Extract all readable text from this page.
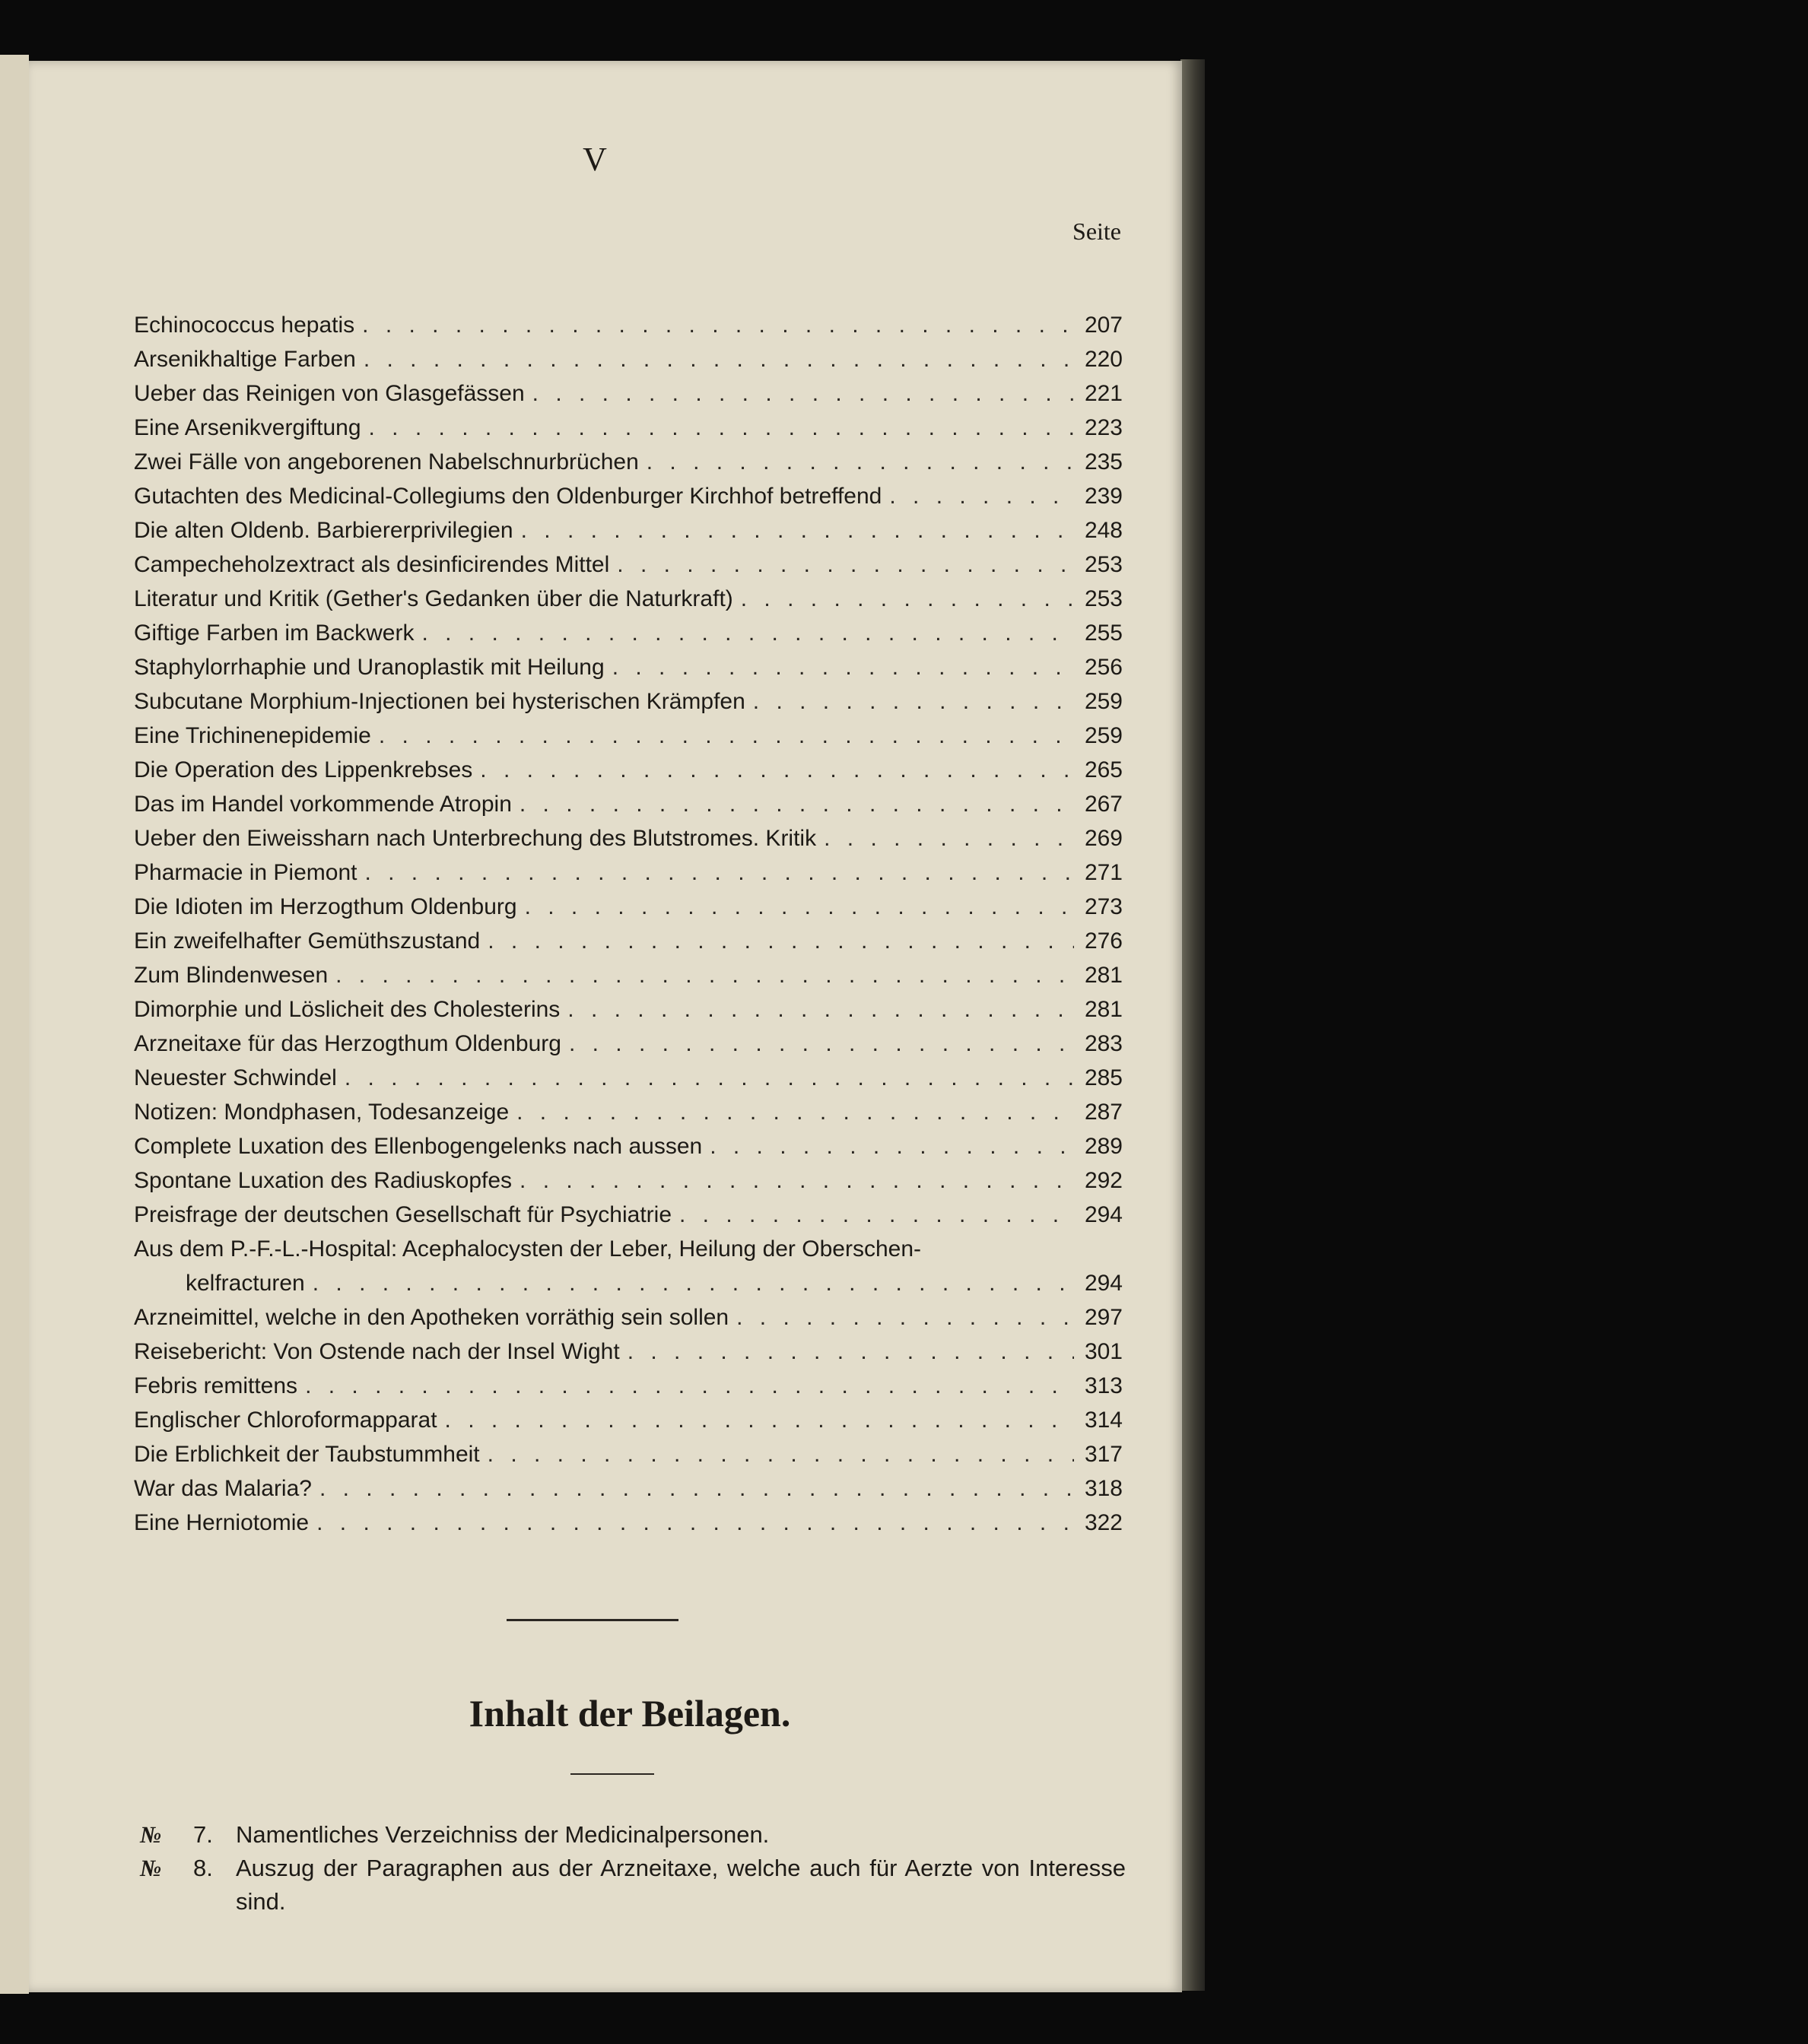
V
Seite
Echinococcus hepatis . . .	207
Arsenikhaltige Farben . . .	220
Ueber das Reinigen von Glasgefässen . . .	221
Eine Arsenikvergiftung . . .	223
Zwei Fälle von angeborenen Nabelschnurbrüchen . . .	235
Gutachten des Medicinal-Collegiums den Oldenburger Kirchhof betreffend . . .	239
Die alten Oldenb. Barbiererprivilegien . . .	248
Campecheholzextract als desinficirendes Mittel . . .	253
Literatur und Kritik (Gether's Gedanken über die Naturkraft) . . .	253
Giftige Farben im Backwerk . . .	255
Staphylorrhaphie und Uranoplastik mit Heilung . . .	256
Subcutane Morphium-Injectionen bei hysterischen Krämpfen . . .	259
Eine Trichinenepidemie . . .	259
Die Operation des Lippenkrebses . . .	265
Das im Handel vorkommende Atropin . . .	267
Ueber den Eiweissharn nach Unterbrechung des Blutstromes. Kritik . . .	269
Pharmacie in Piemont . . .	271
Die Idioten im Herzogthum Oldenburg . . .	273
Ein zweifelhafter Gemüthszustand . . .	276
Zum Blindenwesen . . .	281
Dimorphie und Löslicheit des Cholesterins . . .	281
Arzneitaxe für das Herzogthum Oldenburg . . .	283
Neuester Schwindel . . .	285
Notizen: Mondphasen, Todesanzeige . . .	287
Complete Luxation des Ellenbogengelenks nach aussen . . .	289
Spontane Luxation des Radiuskopfes . . .	292
Preisfrage der deutschen Gesellschaft für Psychiatrie . . .	294
Aus dem P.-F.-L.-Hospital: Acephalocysten der Leber, Heilung der Oberschen-
kelfracturen . . .	294
Arzneimittel, welche in den Apotheken vorräthig sein sollen . . .	297
Reisebericht: Von Ostende nach der Insel Wight . . .	301
Febris remittens . . .	313
Englischer Chloroformapparat . . .	314
Die Erblichkeit der Taubstummheit . . .	317
War das Malaria? . . .	318
Eine Herniotomie . . .	322
Inhalt der Beilagen.
№ 7. Namentliches Verzeichniss der Medicinalpersonen.
№ 8. Auszug der Paragraphen aus der Arzneitaxe, welche auch für Aerzte von Interesse sind.
